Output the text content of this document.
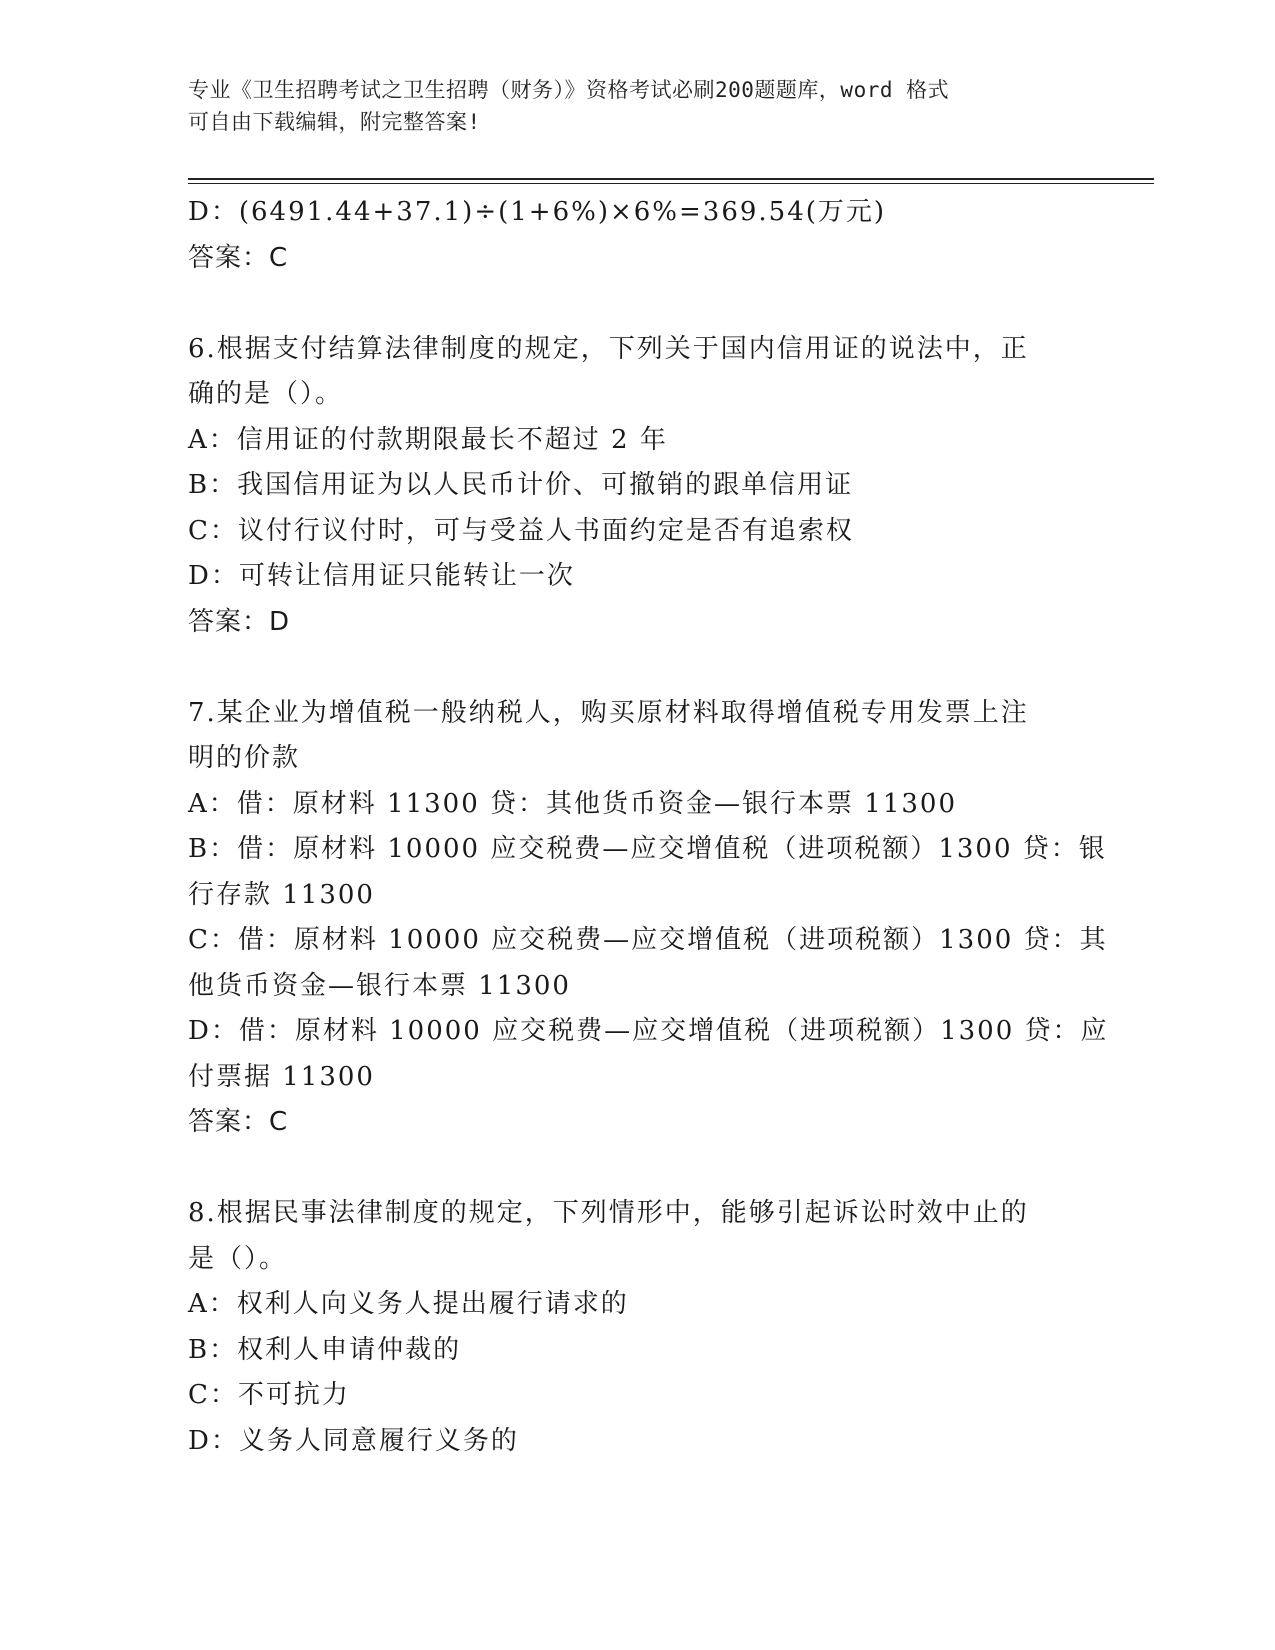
专业《卫生招聘考试之卫生招聘（财务）》资格考试必刷200题题库，word 格式
可自由下载编辑，附完整答案!
D：(6491.44+37.1)÷(1+6%)×6%=369.54(万元)
答案：C
6.根据支付结算法律制度的规定，下列关于国内信用证的说法中，正
确的是（）。
A：信用证的付款期限最长不超过 2 年
B：我国信用证为以人民币计价、可撤销的跟单信用证
C：议付行议付时，可与受益人书面约定是否有追索权
D：可转让信用证只能转让一次
答案：D
7.某企业为增值税一般纳税人，购买原材料取得增值税专用发票上注
明的价款
A：借：原材料 11300 贷：其他货币资金—银行本票 11300
B：借：原材料 10000 应交税费—应交增值税（进项税额）1300 贷：银
行存款 11300
C：借：原材料 10000 应交税费—应交增值税（进项税额）1300 贷：其
他货币资金—银行本票 11300
D：借：原材料 10000 应交税费—应交增值税（进项税额）1300 贷：应
付票据 11300
答案：C
8.根据民事法律制度的规定，下列情形中，能够引起诉讼时效中止的
是（）。
A：权利人向义务人提出履行请求的
B：权利人申请仲裁的
C：不可抗力
D：义务人同意履行义务的
